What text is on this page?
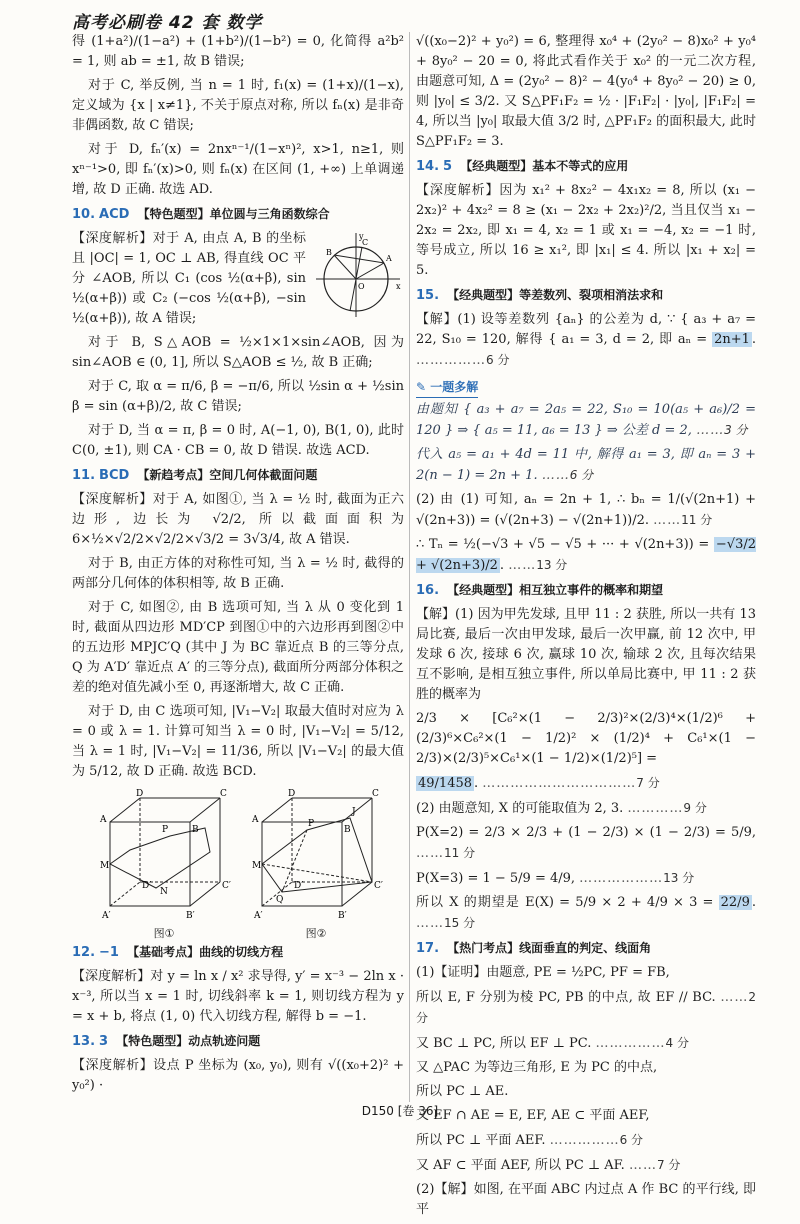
高考必刷卷 42 套 数学
得 (1+a²)/(1−a²) + (1+b²)/(1−b²) = 0, 化简得 a²b² = 1, 则 ab = ±1, 故 B 错误;
对于 C, 举反例, 当 n = 1 时, f₁(x) = (1+x)/(1−x), 定义域为 {x | x≠1}, 不关于原点对称, 所以 fₙ(x) 是非奇非偶函数, 故 C 错误;
对于 D, fₙ′(x) = 2nxⁿ⁻¹/(1−xⁿ)², x>1, n≥1, 则 xⁿ⁻¹>0, 即 fₙ′(x)>0, 则 fₙ(x) 在区间 (1, +∞) 上单调递增, 故 D 正确. 故选 AD.
10. ACD 【特色题型】单位圆与三角函数综合
A
B
C
O	x
y
【深度解析】对于 A, 由点 A, B 的坐标且 |OC| = 1, OC ⊥ AB, 得直线 OC 平分 ∠AOB, 所以 C₁ (cos ½(α+β), sin ½(α+β)) 或 C₂ (−cos ½(α+β), −sin ½(α+β)), 故 A 错误;
对于 B, S△AOB = ½×1×1×sin∠AOB, 因为 sin∠AOB ∈ (0, 1], 所以 S△AOB ≤ ½, 故 B 正确;
对于 C, 取 α = π/6, β = −π/6, 所以 ½sin α + ½sin β = sin (α+β)/2, 故 C 错误;
对于 D, 当 α = π, β = 0 时, A(−1, 0), B(1, 0), 此时 C(0, ±1), 则 CA · CB = 0, 故 D 错误. 故选 ACD.
11. BCD 【新趋考点】空间几何体截面问题
【深度解析】对于 A, 如图①, 当 λ = ½ 时, 截面为正六边形, 边长为 √2/2, 所以截面面积为 6×½×√2/2×√2/2×√3/2 = 3√3/4, 故 A 错误.
对于 B, 由正方体的对称性可知, 当 λ = ½ 时, 截得的两部分几何体的体积相等, 故 B 正确.
对于 C, 如图②, 由 B 选项可知, 当 λ 从 0 变化到 1 时, 截面从四边形 MD′CP 到图①中的六边形再到图②中的五边形 MPJC′Q (其中 J 为 BC 靠近点 B 的三等分点, Q 为 A′D′ 靠近点 A′ 的三等分点), 截面所分两部分体积之差的绝对值先减小至 0, 再逐渐增大, 故 C 正确.
对于 D, 由 C 选项可知, |V₁−V₂| 取最大值时对应为 λ = 0 或 λ = 1. 计算可知当 λ = 0 时, |V₁−V₂| = 5/12, 当 λ = 1 时, |V₁−V₂| = 11/36, 所以 |V₁−V₂| 的最大值为 5/12, 故 D 正确. 故选 BCD.
A
D	C
B
M
P
N
A′	B′
C′
D′
A
D	C
B
M
P
J
Q
A′	B′
C′
D′
图①	图②
12. −1 【基础考点】曲线的切线方程
【深度解析】对 y = ln x / x² 求导得, y′ = x⁻³ − 2ln x · x⁻³, 所以当 x = 1 时, 切线斜率 k = 1, 则切线方程为 y = x + b, 将点 (1, 0) 代入切线方程, 解得 b = −1.
13. 3 【特色题型】动点轨迹问题
【深度解析】设点 P 坐标为 (x₀, y₀), 则有 √((x₀+2)² + y₀²) ·
√((x₀−2)² + y₀²) = 6, 整理得 x₀⁴ + (2y₀² − 8)x₀² + y₀⁴ + 8y₀² − 20 = 0, 将此式看作关于 x₀² 的一元二次方程, 由题意可知, Δ = (2y₀² − 8)² − 4(y₀⁴ + 8y₀² − 20) ≥ 0, 则 |y₀| ≤ 3/2. 又 S△PF₁F₂ = ½ · |F₁F₂| · |y₀|, |F₁F₂| = 4, 所以当 |y₀| 取最大值 3/2 时, △PF₁F₂ 的面积最大, 此时 S△PF₁F₂ = 3.
14. 5 【经典题型】基本不等式的应用
【深度解析】因为 x₁² + 8x₂² − 4x₁x₂ = 8, 所以 (x₁ − 2x₂)² + 4x₂² = 8 ≥ (x₁ − 2x₂ + 2x₂)²/2, 当且仅当 x₁ − 2x₂ = 2x₂, 即 x₁ = 4, x₂ = 1 或 x₁ = −4, x₂ = −1 时, 等号成立, 所以 16 ≥ x₁², 即 |x₁| ≤ 4. 所以 |x₁ + x₂| = 5.
15. 【经典题型】等差数列、裂项相消法求和
【解】(1) 设等差数列 {aₙ} 的公差为 d, ∵ { a₃ + a₇ = 22, S₁₀ = 120, 解得 { a₁ = 3, d = 2, 即 aₙ = 2n+1 . ……………6 分
✎ 一题多解
由题知 { a₃ + a₇ = 2a₅ = 22, S₁₀ = 10(a₅ + a₆)/2 = 120 } ⇒ { a₅ = 11, a₆ = 13 } ⇒ 公差 d = 2, ……3 分
代入 a₅ = a₁ + 4d = 11 中, 解得 a₁ = 3, 即 aₙ = 3 + 2(n − 1) = 2n + 1. ……6 分
(2) 由 (1) 可知, aₙ = 2n + 1, ∴ bₙ = 1/(√(2n+1) + √(2n+3)) = (√(2n+3) − √(2n+1))/2. ……11 分
∴ Tₙ = ½(−√3 + √5 − √5 + ··· + √(2n+3)) = −√3/2 + √(2n+3)/2 . ……13 分
16. 【经典题型】相互独立事件的概率和期望
【解】(1) 因为甲先发球, 且甲 11 : 2 获胜, 所以一共有 13 局比赛, 最后一次由甲发球, 最后一次甲赢, 前 12 次中, 甲发球 6 次, 接球 6 次, 赢球 10 次, 输球 2 次, 且每次结果互不影响, 是相互独立事件, 所以单局比赛中, 甲 11 : 2 获胜的概率为
2/3 × [C₆²×(1 − 2/3)²×(2/3)⁴×(1/2)⁶ + (2/3)⁶×C₆²×(1 − 1/2)² × (1/2)⁴ + C₆¹×(1 − 2/3)×(2/3)⁵×C₆¹×(1 − 1/2)×(1/2)⁵] =
49/1458 . ……………………………7 分
(2) 由题意知, X 的可能取值为 2, 3. …………9 分
P(X=2) = 2/3 × 2/3 + (1 − 2/3) × (1 − 2/3) = 5/9, ……11 分
P(X=3) = 1 − 5/9 = 4/9, ………………13 分
所以 X 的期望是 E(X) = 5/9 × 2 + 4/9 × 3 = 22/9 . ……15 分
17. 【热门考点】线面垂直的判定、线面角
(1)【证明】由题意, PE = ½PC, PF = FB,
所以 E, F 分别为棱 PC, PB 的中点, 故 EF // BC. ……2 分
又 BC ⊥ PC, 所以 EF ⊥ PC. ……………4 分
又 △PAC 为等边三角形, E 为 PC 的中点,
所以 PC ⊥ AE.
又 EF ∩ AE = E, EF, AE ⊂ 平面 AEF,
所以 PC ⊥ 平面 AEF. ……………6 分
又 AF ⊂ 平面 AEF, 所以 PC ⊥ AF. ……7 分
(2)【解】如图, 在平面 ABC 内过点 A 作 BC 的平行线, 即平
D150 [卷 36]
